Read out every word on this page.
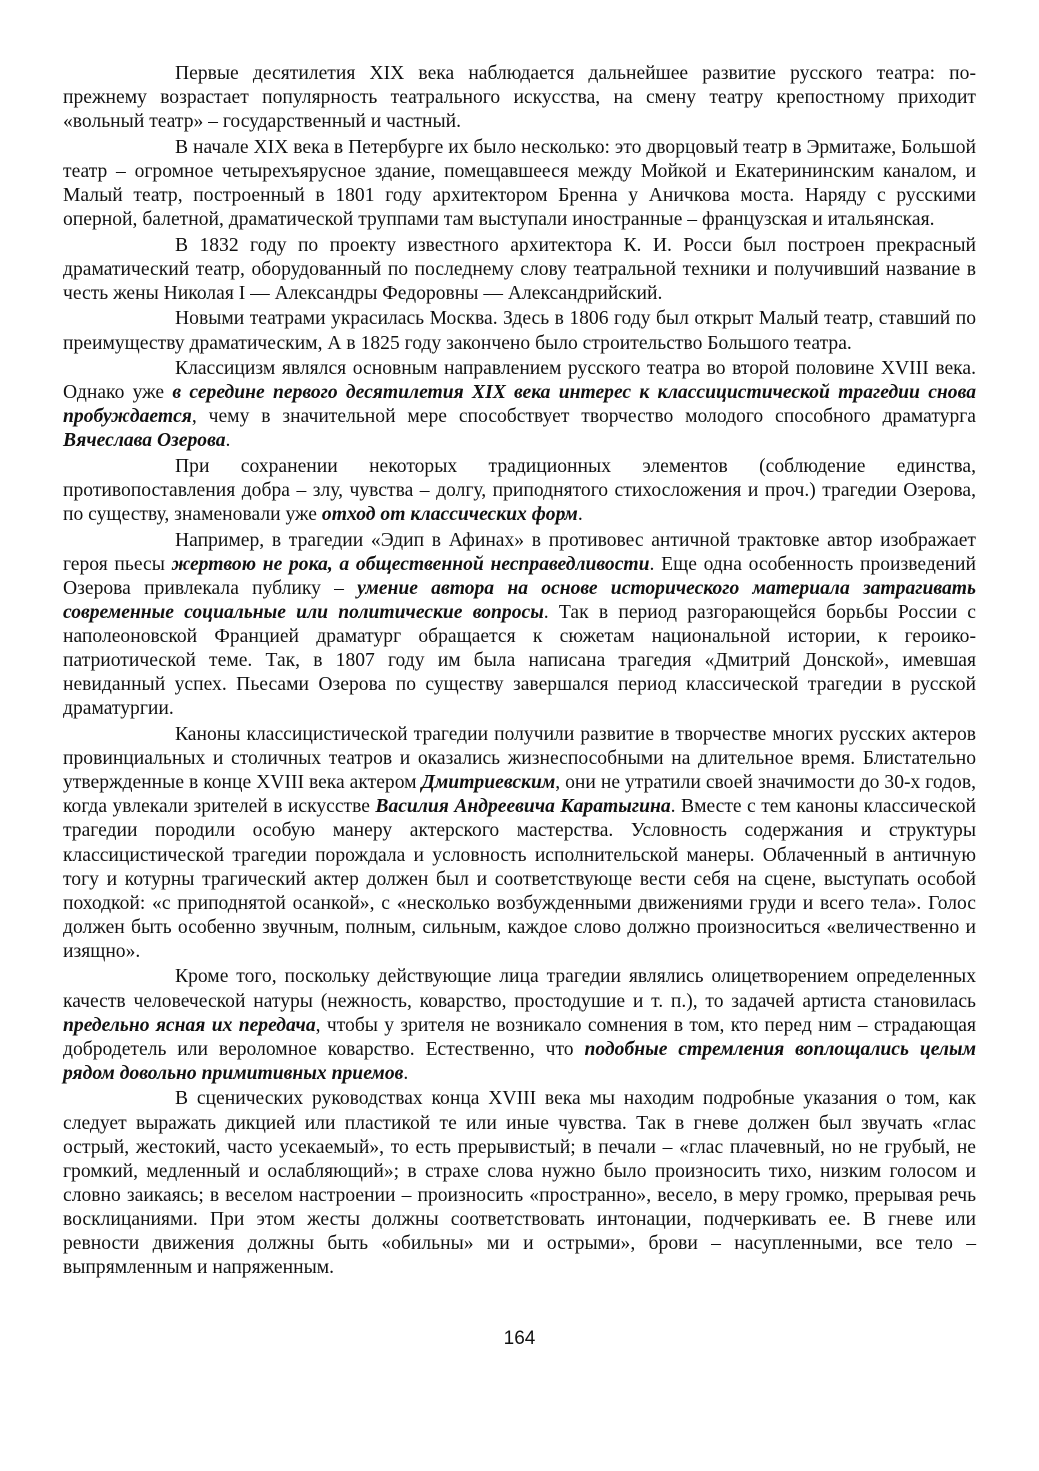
Первые десятилетия XIX века наблюдается дальнейшее развитие русского театра: по-прежнему возрастает популярность театрального искусства, на смену театру крепостному приходит «вольный театр» – государственный и частный.

В начале XIX века в Петербурге их было несколько: это дворцовый театр в Эрмитаже, Большой театр – огромное четырехъярусное здание, помещавшееся между Мойкой и Екатерининским каналом, и Малый театр, построенный в 1801 году архитектором Бренна у Аничкова моста. Наряду с русскими оперной, балетной, драматической труппами там выступали иностранные – французская и итальянская.

В 1832 году по проекту известного архитектора К. И. Росси был построен прекрасный драматический театр, оборудованный по последнему слову театральной техники и получивший название в честь жены Николая I — Александры Федоровны — Александрийский.

Новыми театрами украсилась Москва. Здесь в 1806 году был открыт Малый театр, ставший по преимуществу драматическим, А в 1825 году закончено было строительство Большого театра.

Классицизм являлся основным направлением русского театра во второй половине XVIII века. Однако уже в середине первого десятилетия XIX века интерес к классицистической трагедии снова пробуждается, чему в значительной мере способствует творчество молодого способного драматурга Вячеслава Озерова.

При сохранении некоторых традиционных элементов (соблюдение единства, противопоставления добра – злу, чувства – долгу, приподнятого стихосложения и проч.) трагедии Озерова, по существу, знаменовали уже отход от классических форм.

Например, в трагедии «Эдип в Афинах» в противовес античной трактовке автор изображает героя пьесы жертвою не рока, а общественной несправедливости. Еще одна особенность произведений Озерова привлекала публику – умение автора на основе исторического материала затрагивать современные социальные или политические вопросы. Так в период разгорающейся борьбы России с наполеоновской Францией драматург обращается к сюжетам национальной истории, к героико-патриотической теме. Так, в 1807 году им была написана трагедия «Дмитрий Донской», имевшая невиданный успех. Пьесами Озерова по существу завершался период классической трагедии в русской драматургии.

Каноны классицистической трагедии получили развитие в творчестве многих русских актеров провинциальных и столичных театров и оказались жизнеспособными на длительное время. Блистательно утвержденные в конце XVIII века актером Дмитриевским, они не утратили своей значимости до 30-х годов, когда увлекали зрителей в искусстве Василия Андреевича Каратыгина. Вместе с тем каноны классической трагедии породили особую манеру актерского мастерства. Условность содержания и структуры классицистической трагедии порождала и условность исполнительской манеры. Облаченный в античную тогу и котурны трагический актер должен был и соответствующе вести себя на сцене, выступать особой походкой: «с приподнятой осанкой», с «несколько возбужденными движениями груди и всего тела». Голос должен быть особенно звучным, полным, сильным, каждое слово должно произноситься «величественно и изящно».

Кроме того, поскольку действующие лица трагедии являлись олицетворением определенных качеств человеческой натуры (нежность, коварство, простодушие и т. п.), то задачей артиста становилась предельно ясная их передача, чтобы у зрителя не возникало сомнения в том, кто перед ним – страдающая добродетель или вероломное коварство. Естественно, что подобные стремления воплощались целым рядом довольно примитивных приемов.

В сценических руководствах конца XVIII века мы находим подробные указания о том, как следует выражать дикцией или пластикой те или иные чувства. Так в гневе должен был звучать «глас острый, жестокий, часто усекаемый», то есть прерывистый; в печали – «глас плачевный, но не грубый, не громкий, медленный и ослабляющий»; в страхе слова нужно было произносить тихо, низким голосом и словно заикаясь; в веселом настроении – произносить «пространно», весело, в меру громко, прерывая речь восклицаниями. При этом жесты должны соответствовать интонации, подчеркивать ее. В гневе или ревности движения должны быть «обильны» ми и острыми», брови – насупленными, все тело – выпрямленным и напряженным.

164
